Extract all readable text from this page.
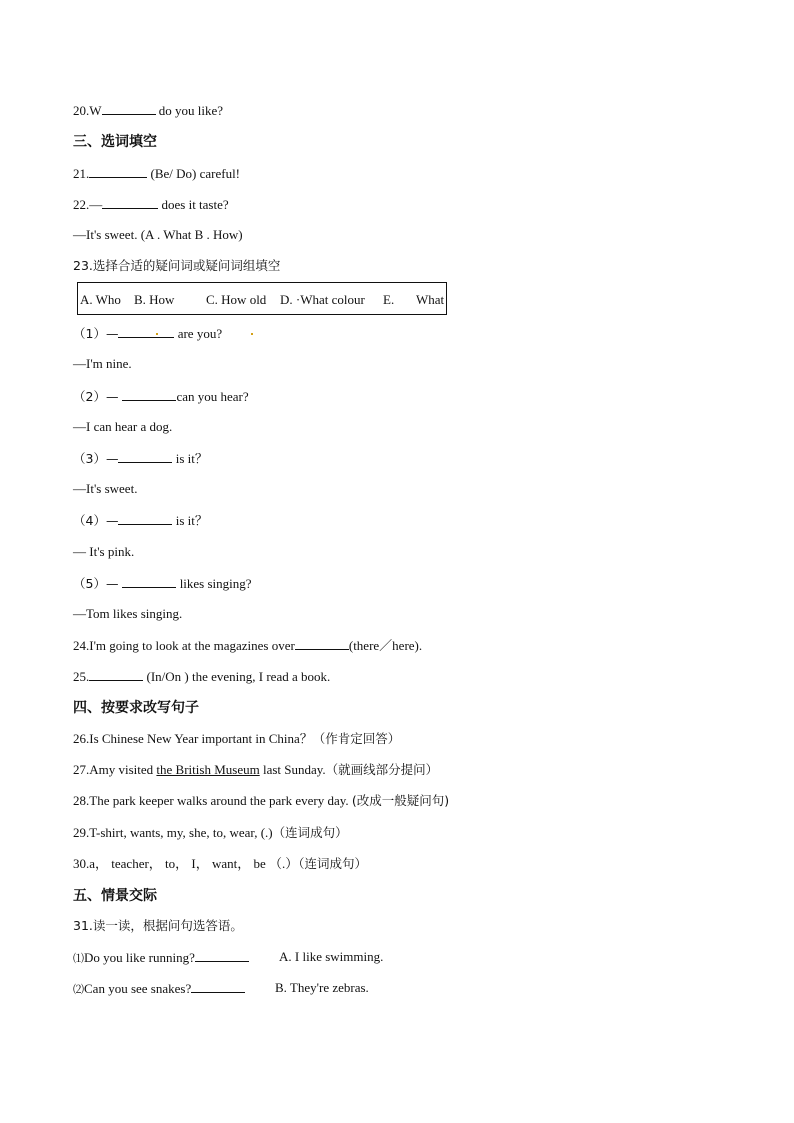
20.W	do you like?
三、选词填空
21.	(Be/ Do) careful!
22.—	does it taste?
—It's sweet. (A . What B . How)
23.选择合适的疑问词或疑问词组填空
A. Who B. How C. How old D. ·What colour E. What
（1）—	are you?
—I'm nine.
（2）—	can you hear?
—I can hear a dog.
（3）—	is it？
—It's sweet.
（4）—	is it？
— It's pink.
（5）—	likes singing?
—Tom likes singing.
24.I'm going to look at the magazines over	(there／here).
25.	(In/On ) the evening, I read a book.
四、按要求改写句子
26.Is Chinese New Year important in China？（作肯定回答）
27.Amy visited the British Museum last Sunday.（就画线部分提问）
28.The park keeper walks around the park every day. (改成一般疑问句)
29.T-shirt, wants, my, she, to, wear, (.)（连词成句）
30.a， teacher， to， I， want， be （.）（连词成句）
五、情景交际
31.读一读，根据问句选答语。
⑴Do you like running?	A. I like swimming.
⑵Can you see snakes?	B. They're zebras.
